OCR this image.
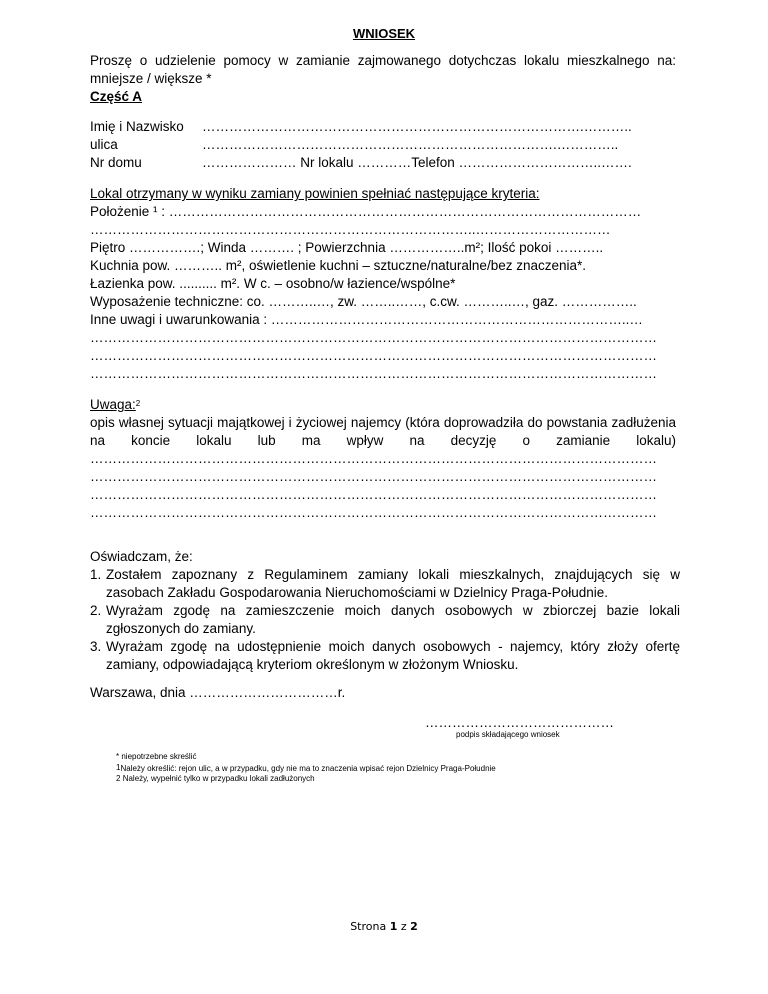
WNIOSEK
Proszę o udzielenie pomocy w zamianie zajmowanego dotychczas lokalu mieszkalnego na: mniejsze / większe *
Część A
Imię i Nazwisko ………………………………………………………………………….………..
ulica	…………………………………………………………………….…………..
Nr domu	………………… Nr lokalu …………Telefon …………………………..…….
Lokal otrzymany w wyniku zamiany powinien spełniać następujące kryteria:
Położenie ¹ : ……………………………………………………………………………………………
…………………………………………………………………………..…………………………
Piętro …………….; Winda ………. ; Powierzchnia ……………..m²; Ilość pokoi ………..
Kuchnia pow. ……….. m², oświetlenie kuchni – sztuczne/naturalne/bez znaczenia*.
Łazienka pow. .......... m². W c. – osobno/w łazience/wspólne*
Wyposażenie techniczne: co. ………..…, zw. ……..……, c.cw. ………..…, gaz. ……………..
Inne uwagi i uwarunkowania : ……………………………………………………………………..…
………………………………………………………………………………………………………………
………………………………………………………………………………………………………………
………………………………………………………………………………………………………………
Uwaga:$^2$
opis własnej sytuacji majątkowej i życiowej najemcy (która doprowadziła do powstania zadłużenia na koncie lokalu lub ma wpływ na decyzję o zamianie lokalu)
………………………………………………………………………………………………………………
………………………………………………………………………………………………………………
………………………………………………………………………………………………………………
………………………………………………………………………………………………………………
Oświadczam, że:
1. Zostałem zapoznany z Regulaminem zamiany lokali mieszkalnych, znajdujących się w zasobach Zakładu Gospodarowania Nieruchomościami w Dzielnicy Praga-Południe.
2. Wyrażam zgodę na zamieszczenie moich danych osobowych w zbiorczej bazie lokali zgłoszonych do zamiany.
3. Wyrażam zgodę na udostępnienie moich danych osobowych - najemcy, który złoży ofertę zamiany, odpowiadającą kryteriom określonym w złożonym Wniosku.
Warszawa, dnia ……………………………r.
……………………………………
podpis składającego wniosek
* niepotrzebne skreślić
$^1$Należy określić: rejon ulic, a w przypadku, gdy nie ma to znaczenia wpisać rejon Dzielnicy Praga-Południe
2 Należy, wypełnić tylko w przypadku lokali zadłużonych
Strona 1 z 2
